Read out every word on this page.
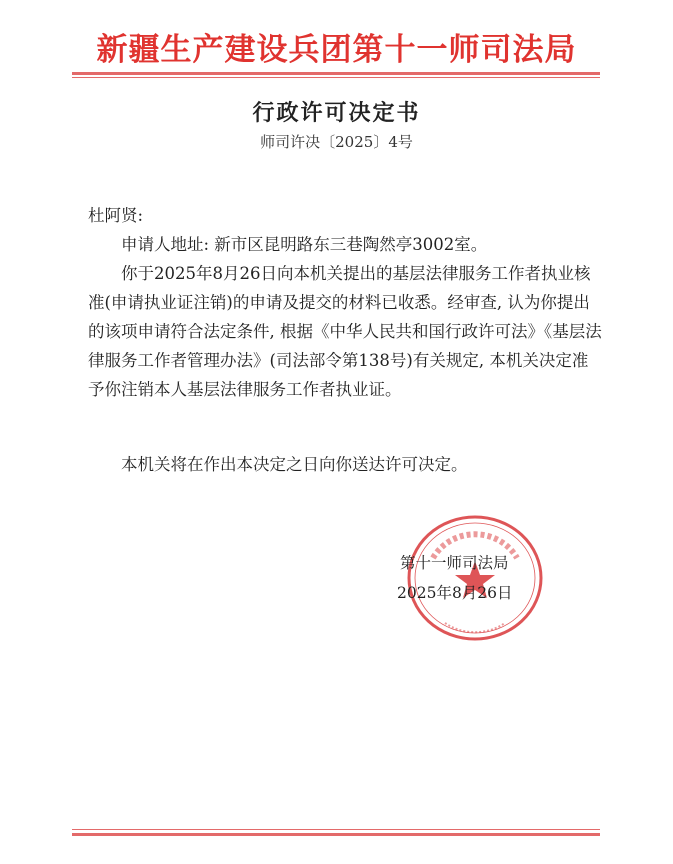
新疆生产建设兵团第十一师司法局
行政许可决定书
师司许决〔2025〕4号
杜阿贤:
申请人地址: 新市区昆明路东三巷陶然亭3002室。
你于2025年8月26日向本机关提出的基层法律服务工作者执业核准(申请执业证注销)的申请及提交的材料已收悉。经审查, 认为你提出的该项申请符合法定条件, 根据《中华人民共和国行政许可法》《基层法律服务工作者管理办法》(司法部令第138号)有关规定, 本机关决定准予你注销本人基层法律服务工作者执业证。
本机关将在作出本决定之日向你送达许可决定。
第十一师司法局
2025年8月26日
